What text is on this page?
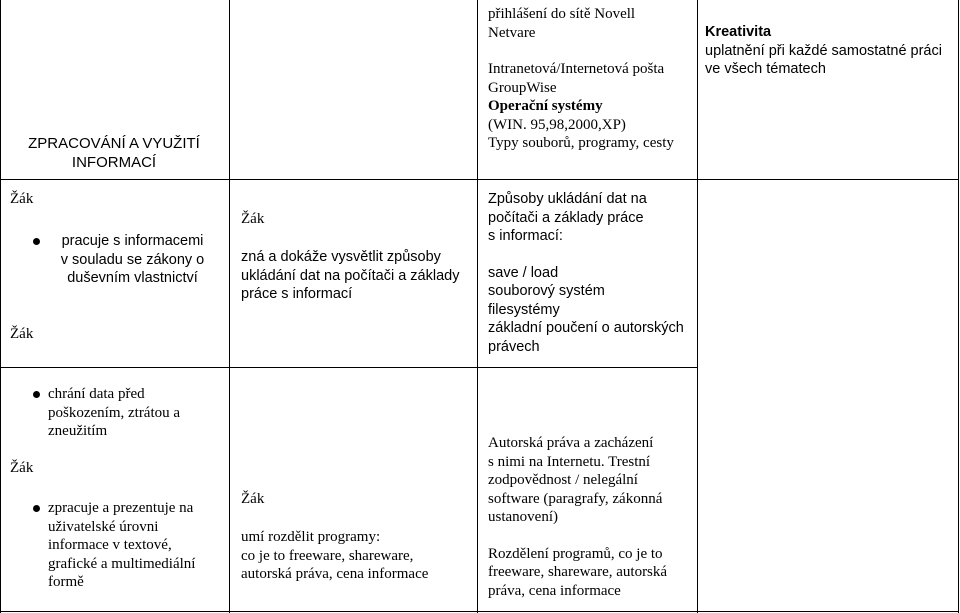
ZPRACOVÁNÍ A VYUŽITÍ
INFORMACÍ
přihlášení do sítě Novell
Netvare
Intranetová/Internetová pošta
GroupWise
Operační systémy
(WIN. 95,98,2000,XP)
Typy souborů, programy, cesty
Kreativita
uplatnění při každé samostatné práci
ve všech tématech
Žák
pracuje s informacemi
v souladu se zákony o
duševním vlastnictví
Žák
Žák
zná a dokáže vysvětlit způsoby
ukládání dat na počítači a základy
práce s informací
Způsoby ukládání dat na
počítači a základy práce
s informací:
save / load
souborový systém
filesystémy
základní poučení o autorských
právech
chrání data před
poškozením, ztrátou a
zneužitím
Žák
zpracuje a prezentuje na
uživatelské úrovni
informace v textové,
grafické a multimediální
formě
Žák
umí rozdělit programy:
co je to freeware, shareware,
autorská práva, cena informace
Autorská práva a zacházení
s nimi na Internetu. Trestní
zodpovědnost / nelegální
software (paragrafy, zákonná
ustanovení)
Rozdělení programů, co je to
freeware, shareware, autorská
práva, cena informace
